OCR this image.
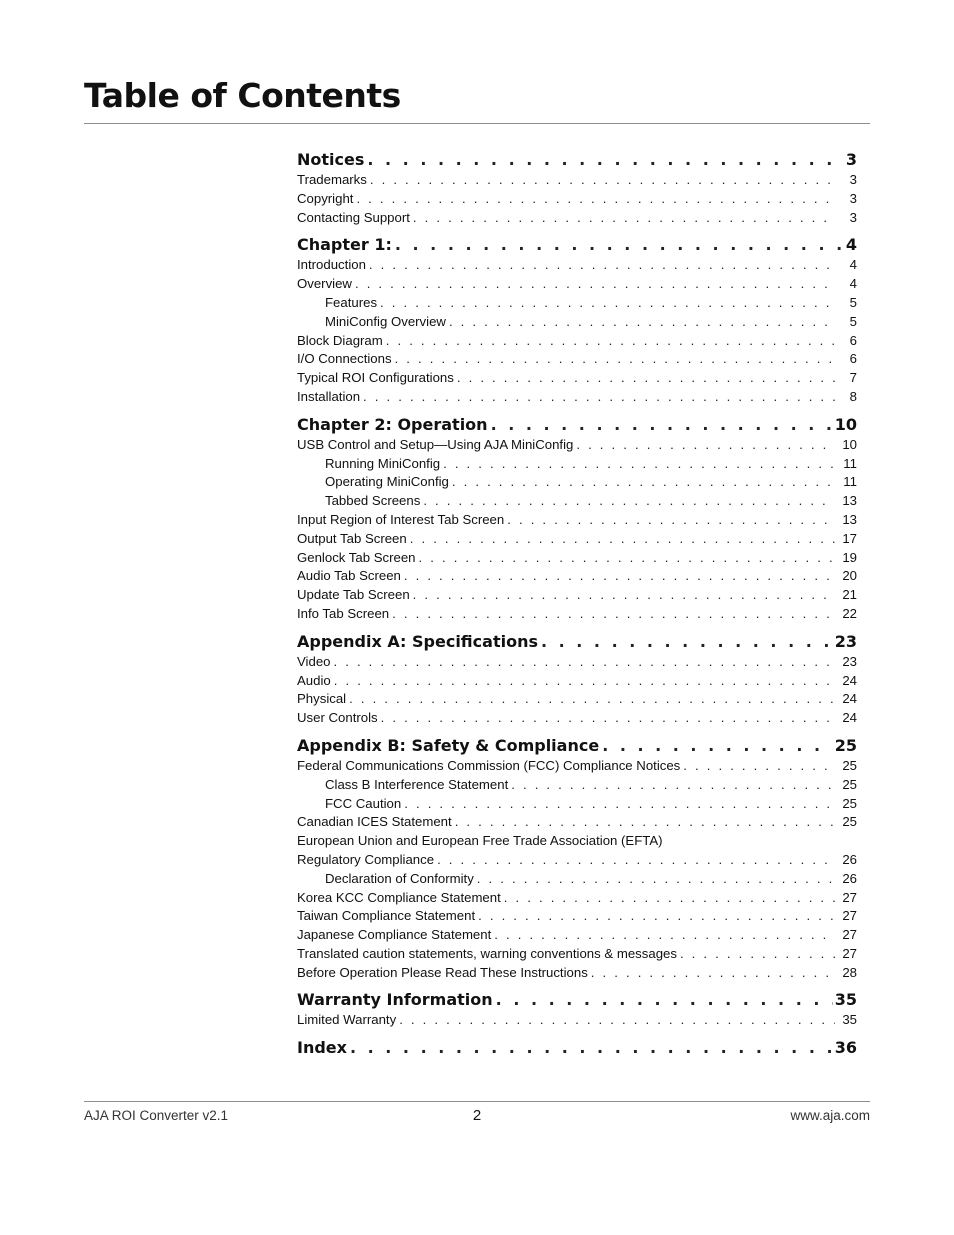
Table of Contents
Notices . . .	3
Trademarks . . .	3
Copyright . . .	3
Contacting Support . . .	3
Chapter 1: . . .	4
Introduction . . .	4
Overview . . .	4
Features . . .	5
MiniConfig Overview . . .	5
Block Diagram . . .	6
I/O Connections . . .	6
Typical ROI Configurations . . .	7
Installation . . .	8
Chapter 2: Operation . . .	10
USB Control and Setup—Using AJA MiniConfig . . .	10
Running MiniConfig . . .	11
Operating MiniConfig . . .	11
Tabbed Screens . . .	13
Input Region of Interest Tab Screen . . .	13
Output Tab Screen . . .	17
Genlock Tab Screen . . .	19
Audio Tab Screen . . .	20
Update Tab Screen . . .	21
Info Tab Screen . . .	22
Appendix A: Specifications . . .	23
Video . . .	23
Audio . . .	24
Physical . . .	24
User Controls . . .	24
Appendix B: Safety & Compliance . . .	25
Federal Communications Commission (FCC) Compliance Notices . . .	25
Class B Interference Statement . . .	25
FCC Caution . . .	25
Canadian ICES Statement . . .	25
European Union and European Free Trade Association (EFTA)
Regulatory Compliance . . .	26
Declaration of Conformity . . .	26
Korea KCC Compliance Statement . . .	27
Taiwan Compliance Statement . . .	27
Japanese Compliance Statement . . .	27
Translated caution statements, warning conventions & messages . . .	27
Before Operation Please Read These Instructions . . .	28
Warranty Information . . .	35
Limited Warranty . . .	35
Index . . .	36
AJA ROI Converter v2.1	2	www.aja.com
